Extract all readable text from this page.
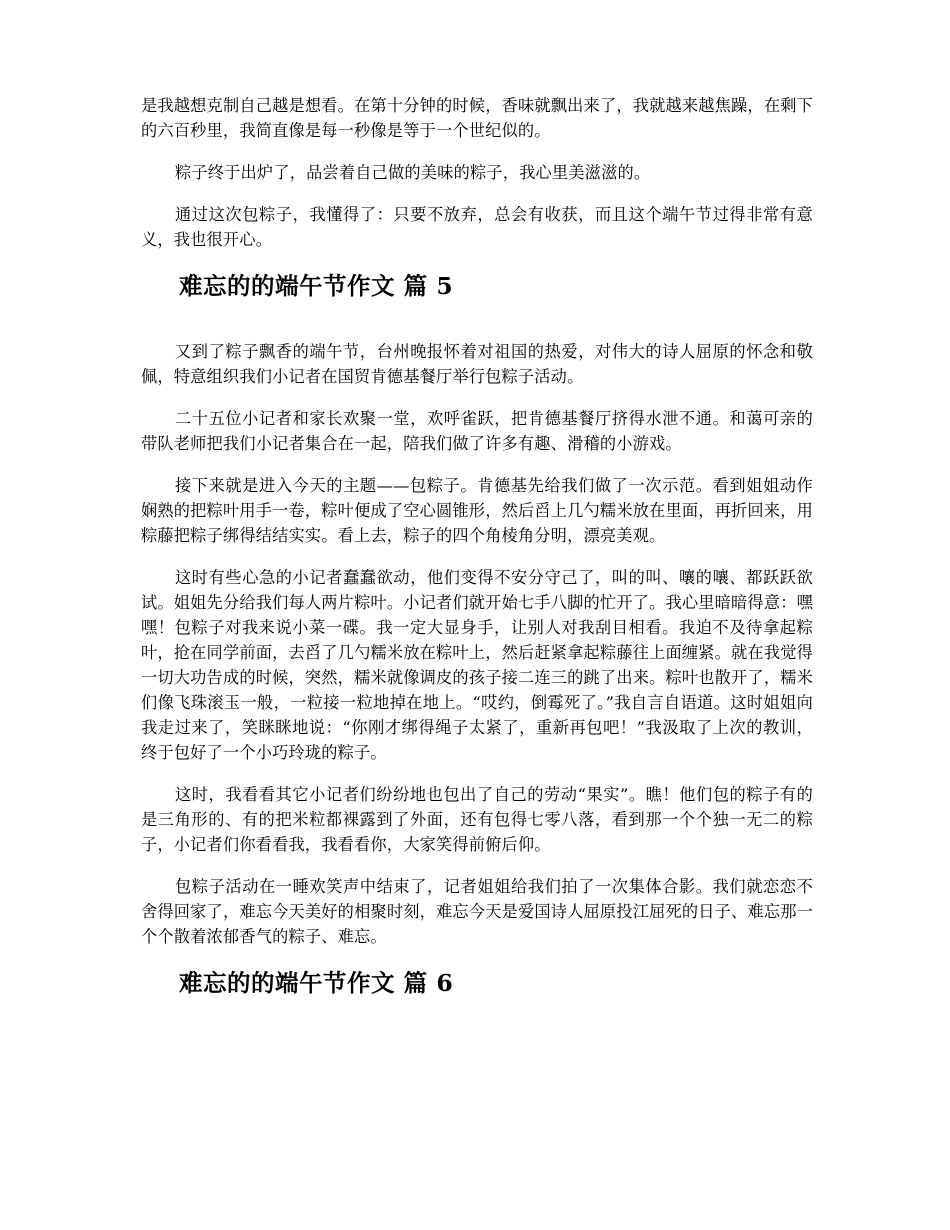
是我越想克制自己越是想看。在第十分钟的时候，香味就飘出来了，我就越来越焦躁，在剩下的六百秒里，我简直像是每一秒像是等于一个世纪似的。

粽子终于出炉了，品尝着自己做的美味的粽子，我心里美滋滋的。

通过这次包粽子，我懂得了：只要不放弃，总会有收获，而且这个端午节过得非常有意义，我也很开心。

难忘的的端午节作文 篇 5

又到了粽子飘香的端午节，台州晚报怀着对祖国的热爱，对伟大的诗人屈原的怀念和敬佩，特意组织我们小记者在国贸肯德基餐厅举行包粽子活动。

二十五位小记者和家长欢聚一堂，欢呼雀跃，把肯德基餐厅挤得水泄不通。和蔼可亲的带队老师把我们小记者集合在一起，陪我们做了许多有趣、滑稽的小游戏。

接下来就是进入今天的主题——包粽子。肯德基先给我们做了一次示范。看到姐姐动作娴熟的把粽叶用手一卷，粽叶便成了空心圆锥形，然后舀上几勺糯米放在里面，再折回来，用粽藤把粽子绑得结结实实。看上去，粽子的四个角棱角分明，漂亮美观。

这时有些心急的小记者蠢蠢欲动，他们变得不安分守己了，叫的叫、嚷的嚷、都跃跃欲试。姐姐先分给我们每人两片粽叶。小记者们就开始七手八脚的忙开了。我心里暗暗得意：嘿嘿！包粽子对我来说小菜一碟。我一定大显身手，让别人对我刮目相看。我迫不及待拿起粽叶，抢在同学前面，去舀了几勺糯米放在粽叶上，然后赶紧拿起粽藤往上面缠紧。就在我觉得一切大功告成的时候，突然，糯米就像调皮的孩子接二连三的跳了出来。粽叶也散开了，糯米们像飞珠滚玉一般，一粒接一粒地掉在地上。“哎约，倒霉死了。”我自言自语道。这时姐姐向我走过来了，笑眯眯地说：“你刚才绑得绳子太紧了，重新再包吧！”我汲取了上次的教训，终于包好了一个小巧玲珑的粽子。

这时，我看看其它小记者们纷纷地也包出了自己的劳动“果实”。瞧！他们包的粽子有的是三角形的、有的把米粒都裸露到了外面，还有包得七零八落，看到那一个个独一无二的粽子，小记者们你看看我，我看看你，大家笑得前俯后仰。

包粽子活动在一睡欢笑声中结束了，记者姐姐给我们拍了一次集体合影。我们就恋恋不舍得回家了，难忘今天美好的相聚时刻，难忘今天是爱国诗人屈原投江屈死的日子、难忘那一个个散着浓郁香气的粽子、难忘。

难忘的的端午节作文 篇 6
